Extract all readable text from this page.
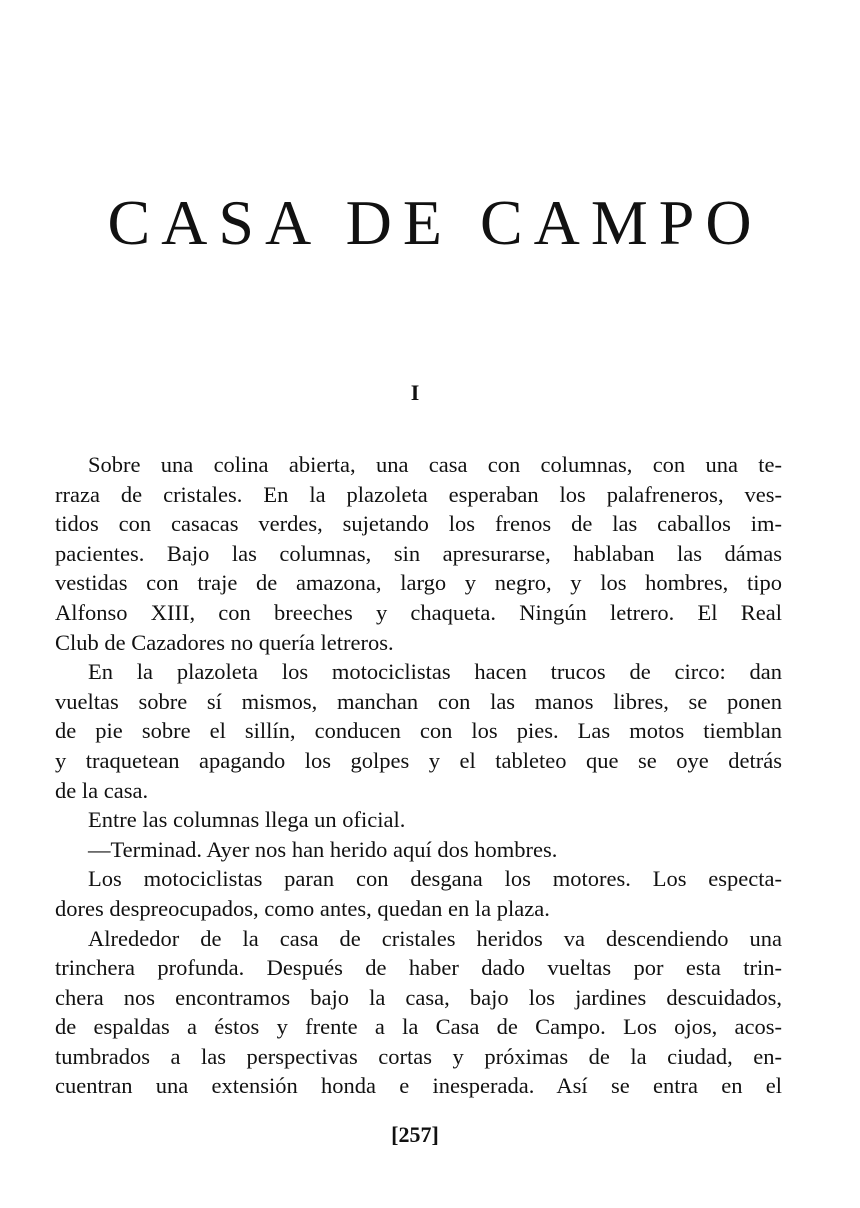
CASA DE CAMPO
I
Sobre una colina abierta, una casa con columnas, con una te-
rraza de cristales. En la plazoleta esperaban los palafreneros, ves-
tidos con casacas verdes, sujetando los frenos de las caballos im-
pacientes. Bajo las columnas, sin apresurarse, hablaban las dámas
vestidas con traje de amazona, largo y negro, y los hombres, tipo
Alfonso XIII, con breeches y chaqueta. Ningún letrero. El Real
Club de Cazadores no quería letreros.
En la plazoleta los motociclistas hacen trucos de circo: dan
vueltas sobre sí mismos, manchan con las manos libres, se ponen
de pie sobre el sillín, conducen con los pies. Las motos tiemblan
y traquetean apagando los golpes y el tableteo que se oye detrás
de la casa.
Entre las columnas llega un oficial.
—Terminad. Ayer nos han herido aquí dos hombres.
Los motociclistas paran con desgana los motores. Los especta-
dores despreocupados, como antes, quedan en la plaza.
Alrededor de la casa de cristales heridos va descendiendo una
trinchera profunda. Después de haber dado vueltas por esta trin-
chera nos encontramos bajo la casa, bajo los jardines descuidados,
de espaldas a éstos y frente a la Casa de Campo. Los ojos, acos-
tumbrados a las perspectivas cortas y próximas de la ciudad, en-
cuentran una extensión honda e inesperada. Así se entra en el
[257]
